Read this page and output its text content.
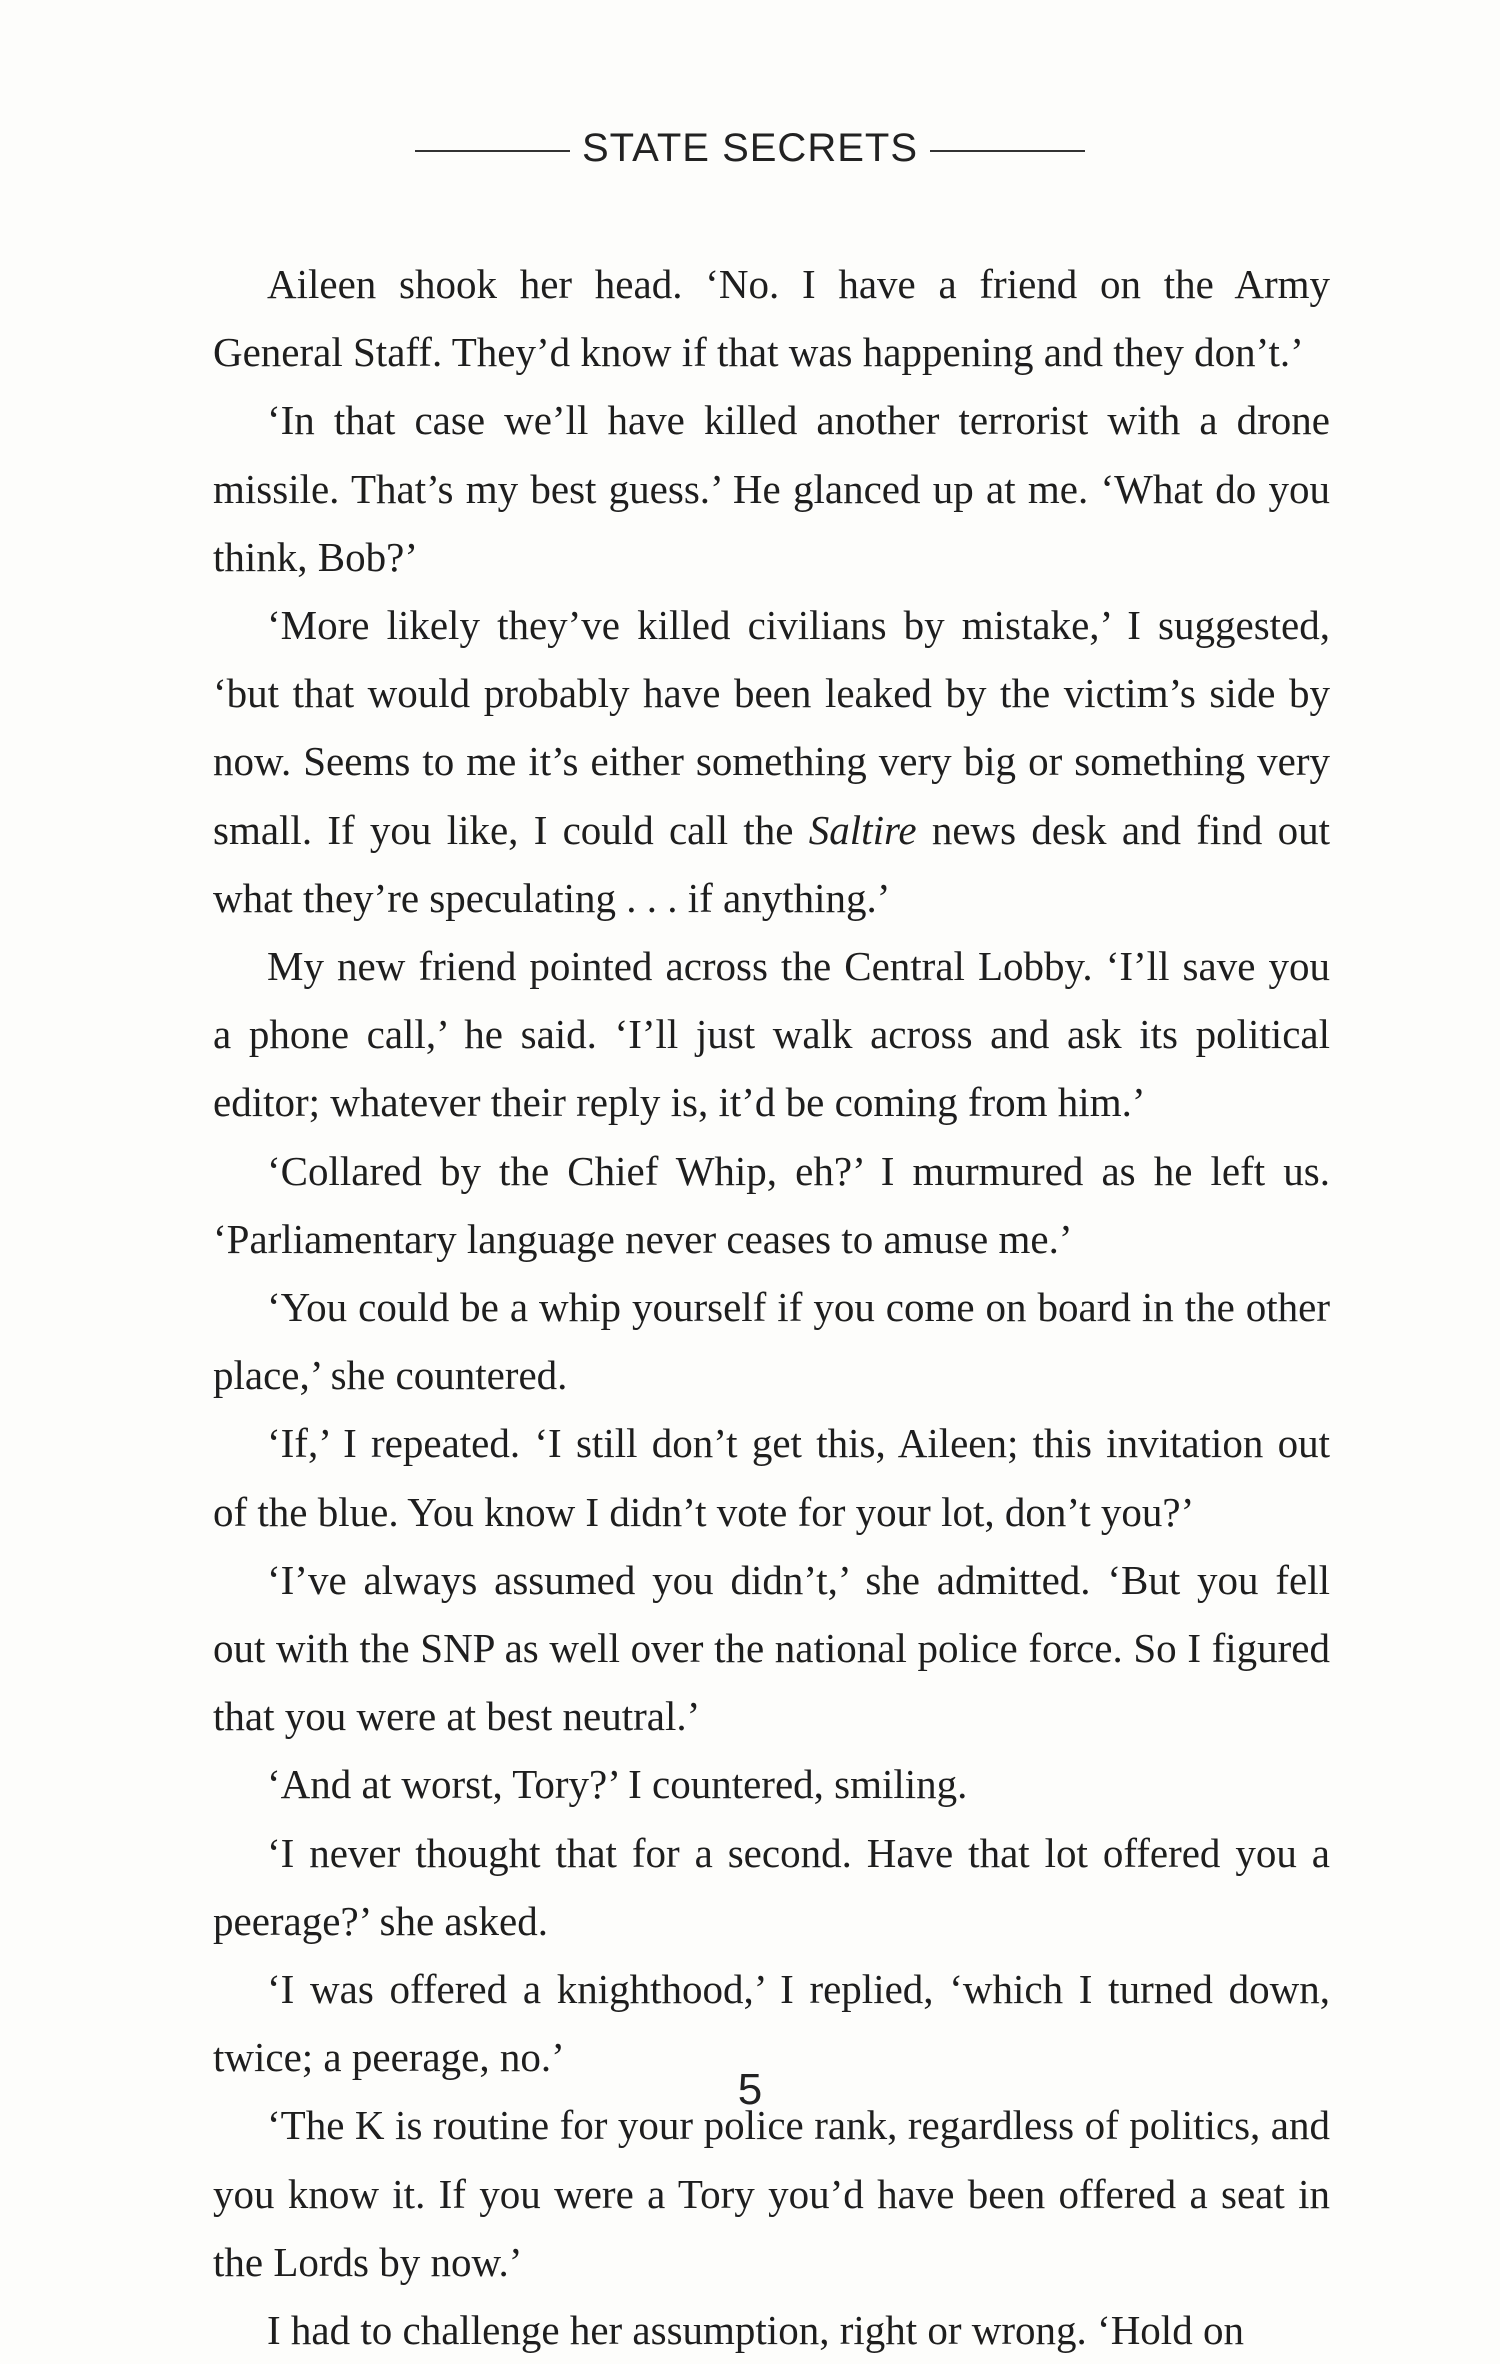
STATE SECRETS

Aileen shook her head. ‘No. I have a friend on the Army General Staff. They’d know if that was happening and they don’t.’

‘In that case we’ll have killed another terrorist with a drone missile. That’s my best guess.’ He glanced up at me. ‘What do you think, Bob?’

‘More likely they’ve killed civilians by mistake,’ I suggested, ‘but that would probably have been leaked by the victim’s side by now. Seems to me it’s either something very big or something very small. If you like, I could call the Saltire news desk and find out what they’re speculating . . . if anything.’

My new friend pointed across the Central Lobby. ‘I’ll save you a phone call,’ he said. ‘I’ll just walk across and ask its political editor; whatever their reply is, it’d be coming from him.’

‘Collared by the Chief Whip, eh?’ I murmured as he left us. ‘Parliamentary language never ceases to amuse me.’

‘You could be a whip yourself if you come on board in the other place,’ she countered.

‘If,’ I repeated. ‘I still don’t get this, Aileen; this invitation out of the blue. You know I didn’t vote for your lot, don’t you?’

‘I’ve always assumed you didn’t,’ she admitted. ‘But you fell out with the SNP as well over the national police force. So I figured that you were at best neutral.’

‘And at worst, Tory?’ I countered, smiling.

‘I never thought that for a second. Have that lot offered you a peerage?’ she asked.

‘I was offered a knighthood,’ I replied, ‘which I turned down, twice; a peerage, no.’

‘The K is routine for your police rank, regardless of politics, and you know it. If you were a Tory you’d have been offered a seat in the Lords by now.’

I had to challenge her assumption, right or wrong. ‘Hold on

5
